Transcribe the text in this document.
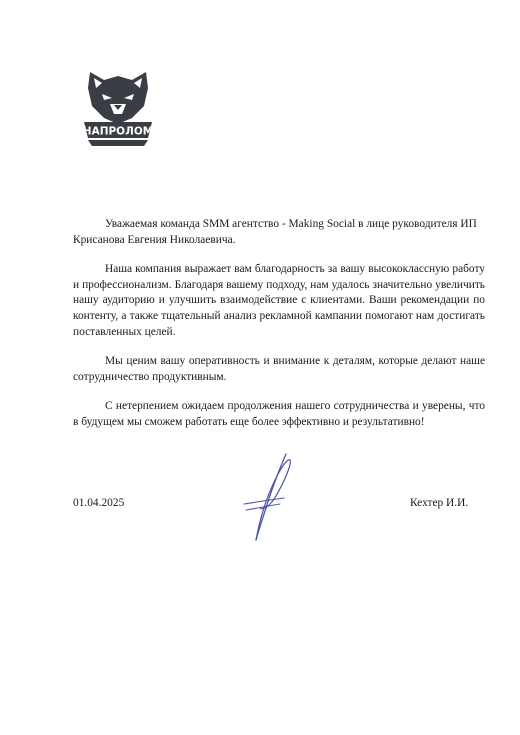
НАПРОЛОМ

Уважаемая команда SMM агентство - Making Social в лице руководителя ИП Крисанова Евгения Николаевича.

Наша компания выражает вам благодарность за вашу высококлассную работу и профессионализм. Благодаря вашему подходу, нам удалось значительно увеличить нашу аудиторию и улучшить взаимодействие с клиентами. Ваши рекомендации по контенту, а также тщательный анализ рекламной кампании помогают нам достигать поставленных целей.

Мы ценим вашу оперативность и внимание к деталям, которые делают наше сотрудничество продуктивным.

С нетерпением ожидаем продолжения нашего сотрудничества и уверены, что в будущем мы сможем работать еще более эффективно и результативно!

01.04.2025	Кехтер И.И.
